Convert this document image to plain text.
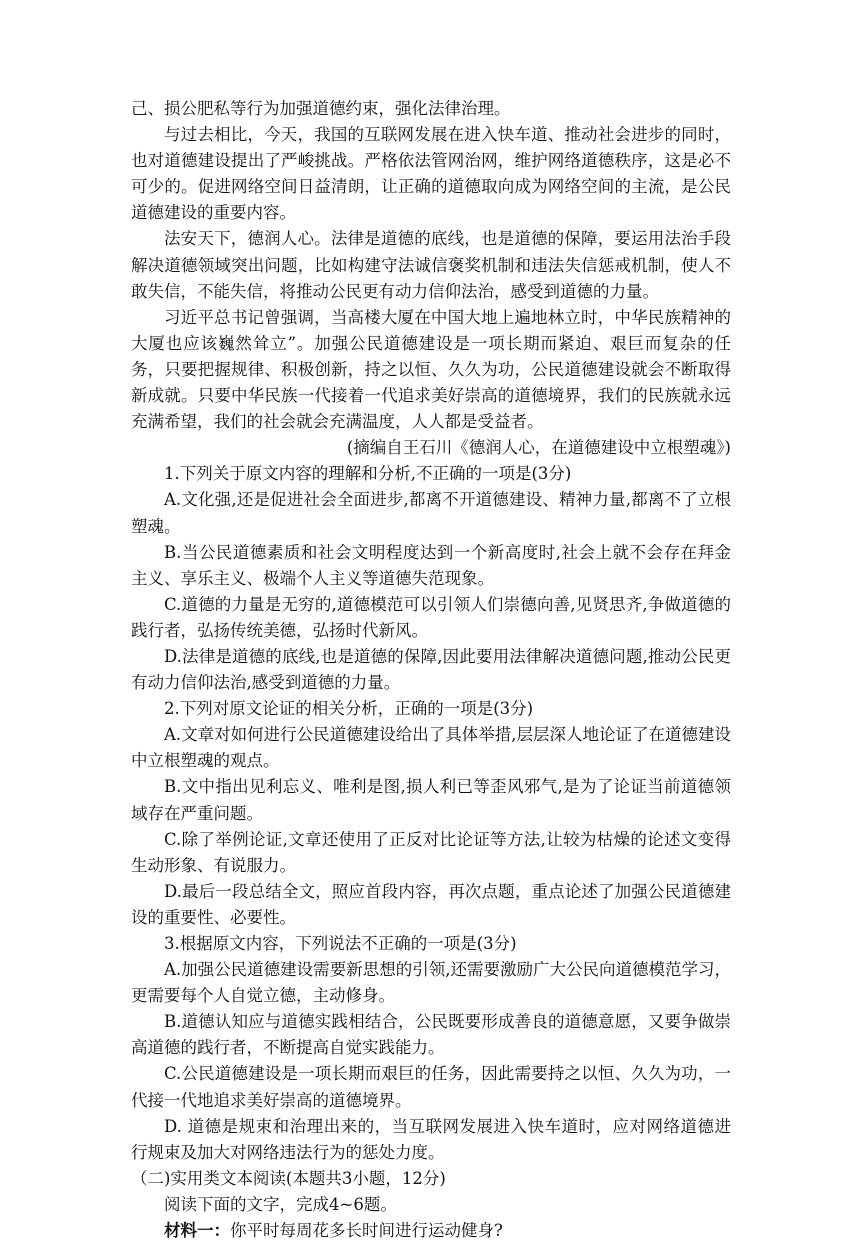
己、损公肥私等行为加强道德约束，强化法律治理。

与过去相比，今天，我国的互联网发展在进入快车道、推动社会进步的同时，也对道德建设提出了严峻挑战。严格依法管网治网，维护网络道德秩序，这是必不可少的。促进网络空间日益清朗，让正确的道德取向成为网络空间的主流，是公民道德建设的重要内容。

法安天下，德润人心。法律是道德的底线，也是道德的保障，要运用法治手段解决道德领域突出问题，比如构建守法诚信褒奖机制和违法失信惩戒机制，使人不敢失信，不能失信，将推动公民更有动力信仰法治，感受到道德的力量。

习近平总书记曾强调，当高楼大厦在中国大地上遍地林立时，中华民族精神的大厦也应该巍然耸立”。加强公民道德建设是一项长期而紧迫、艰巨而复杂的任务，只要把握规律、积极创新，持之以恒、久久为功，公民道德建设就会不断取得新成就。只要中华民族一代接着一代追求美好崇高的道德境界，我们的民族就永远充满希望，我们的社会就会充满温度，人人都是受益者。

(摘编自王石川《德润人心，在道德建设中立根塑魂》)

1.下列关于原文内容的理解和分析,不正确的一项是(3分)

A.文化强,还是促进社会全面进步,都离不开道德建设、精神力量,都离不了立根塑魂。

B.当公民道德素质和社会文明程度达到一个新高度时,社会上就不会存在拜金主义、享乐主义、极端个人主义等道德失范现象。

C.道德的力量是无穷的,道德模范可以引领人们崇德向善,见贤思齐,争做道德的践行者，弘扬传统美德，弘扬时代新风。

D.法律是道德的底线,也是道德的保障,因此要用法律解决道德问题,推动公民更有动力信仰法治,感受到道德的力量。

2.下列对原文论证的相关分析，正确的一项是(3分)

A.文章对如何进行公民道德建设给出了具体举措,层层深人地论证了在道德建设中立根塑魂的观点。

B.文中指出见利忘义、唯利是图,损人利已等歪风邪气,是为了论证当前道德领域存在严重问题。

C.除了举例论证,文章还使用了正反对比论证等方法,让较为枯燥的论述文变得生动形象、有说服力。

D.最后一段总结全文，照应首段内容，再次点题，重点论述了加强公民道德建设的重要性、必要性。

3.根据原文内容，下列说法不正确的一项是(3分)

A.加强公民道德建设需要新思想的引领,还需要激励广大公民向道德模范学习，更需要每个人自觉立德，主动修身。

B.道德认知应与道德实践相结合，公民既要形成善良的道德意愿，又要争做崇高道德的践行者，不断提高自觉实践能力。

C.公民道德建设是一项长期而艰巨的任务，因此需要持之以恒、久久为功，一代接一代地追求美好崇高的道德境界。

D. 道德是规束和治理出来的，当互联网发展进入快车道时，应对网络道德进行规束及加大对网络违法行为的惩处力度。

（二)实用类文本阅读(本题共3小题，12分)

阅读下面的文字，完成4~6题。

材料一：你平时每周花多长时间进行运动健身?
